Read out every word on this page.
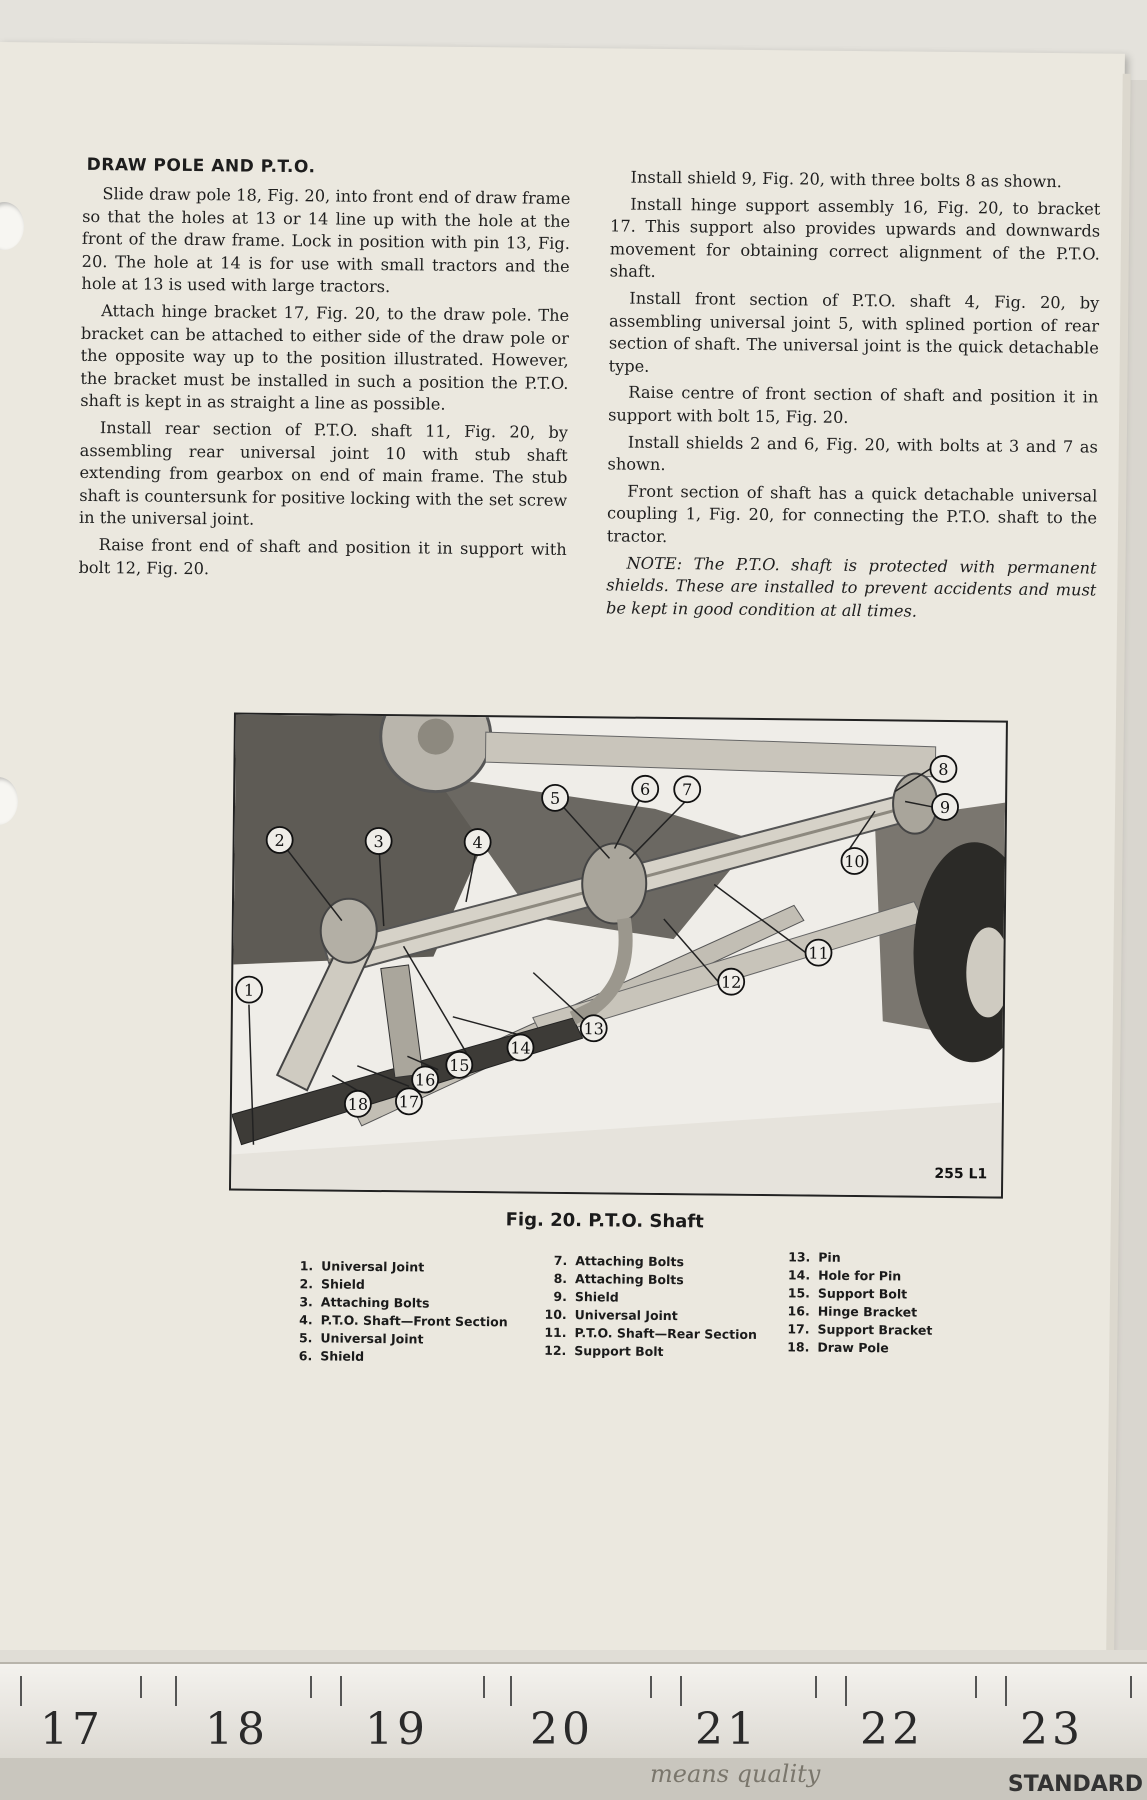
DRAW POLE AND P.T.O.

Slide draw pole 18, Fig. 20, into front end of draw frame so that the holes at 13 or 14 line up with the hole at the front of the draw frame. Lock in position with pin 13, Fig. 20. The hole at 14 is for use with small tractors and the hole at 13 is used with large tractors.

Attach hinge bracket 17, Fig. 20, to the draw pole. The bracket can be attached to either side of the draw pole or the opposite way up to the position illustrated. However, the bracket must be installed in such a position the P.T.O. shaft is kept in as straight a line as possible.

Install rear section of P.T.O. shaft 11, Fig. 20, by assembling rear universal joint 10 with stub shaft extending from gearbox on end of main frame. The stub shaft is countersunk for positive locking with the set screw in the universal joint.

Raise front end of shaft and position it in support with bolt 12, Fig. 20.

Install shield 9, Fig. 20, with three bolts 8 as shown.

Install hinge support assembly 16, Fig. 20, to bracket 17. This support also provides upwards and downwards movement for obtaining correct alignment of the P.T.O. shaft.

Install front section of P.T.O. shaft 4, Fig. 20, by assembling universal joint 5, with splined portion of rear section of shaft. The universal joint is the quick detachable type.

Raise centre of front section of shaft and position it in support with bolt 15, Fig. 20.

Install shields 2 and 6, Fig. 20, with bolts at 3 and 7 as shown.

Front section of shaft has a quick detachable universal coupling 1, Fig. 20, for connecting the P.T.O. shaft to the tractor.

NOTE: The P.T.O. shaft is protected with permanent shields. These are installed to prevent accidents and must be kept in good condition at all times.

1
2	3	4
5	6 7
8
9
10
11
12
13
14
15
16
17
18
255 L1
Fig. 20. P.T.O. Shaft
1. Universal Joint
2. Shield
3. Attaching Bolts
4. P.T.O. Shaft—Front Section
5. Universal Joint
6. Shield
7. Attaching Bolts
8. Attaching Bolts
9. Shield
10. Universal Joint
11. P.T.O. Shaft—Rear Section
12. Support Bolt
13. Pin
14. Hole for Pin
15. Support Bolt
16. Hinge Bracket
17. Support Bracket
18. Draw Pole
17 18 19 20 21 22 23
means quality	STANDARD
